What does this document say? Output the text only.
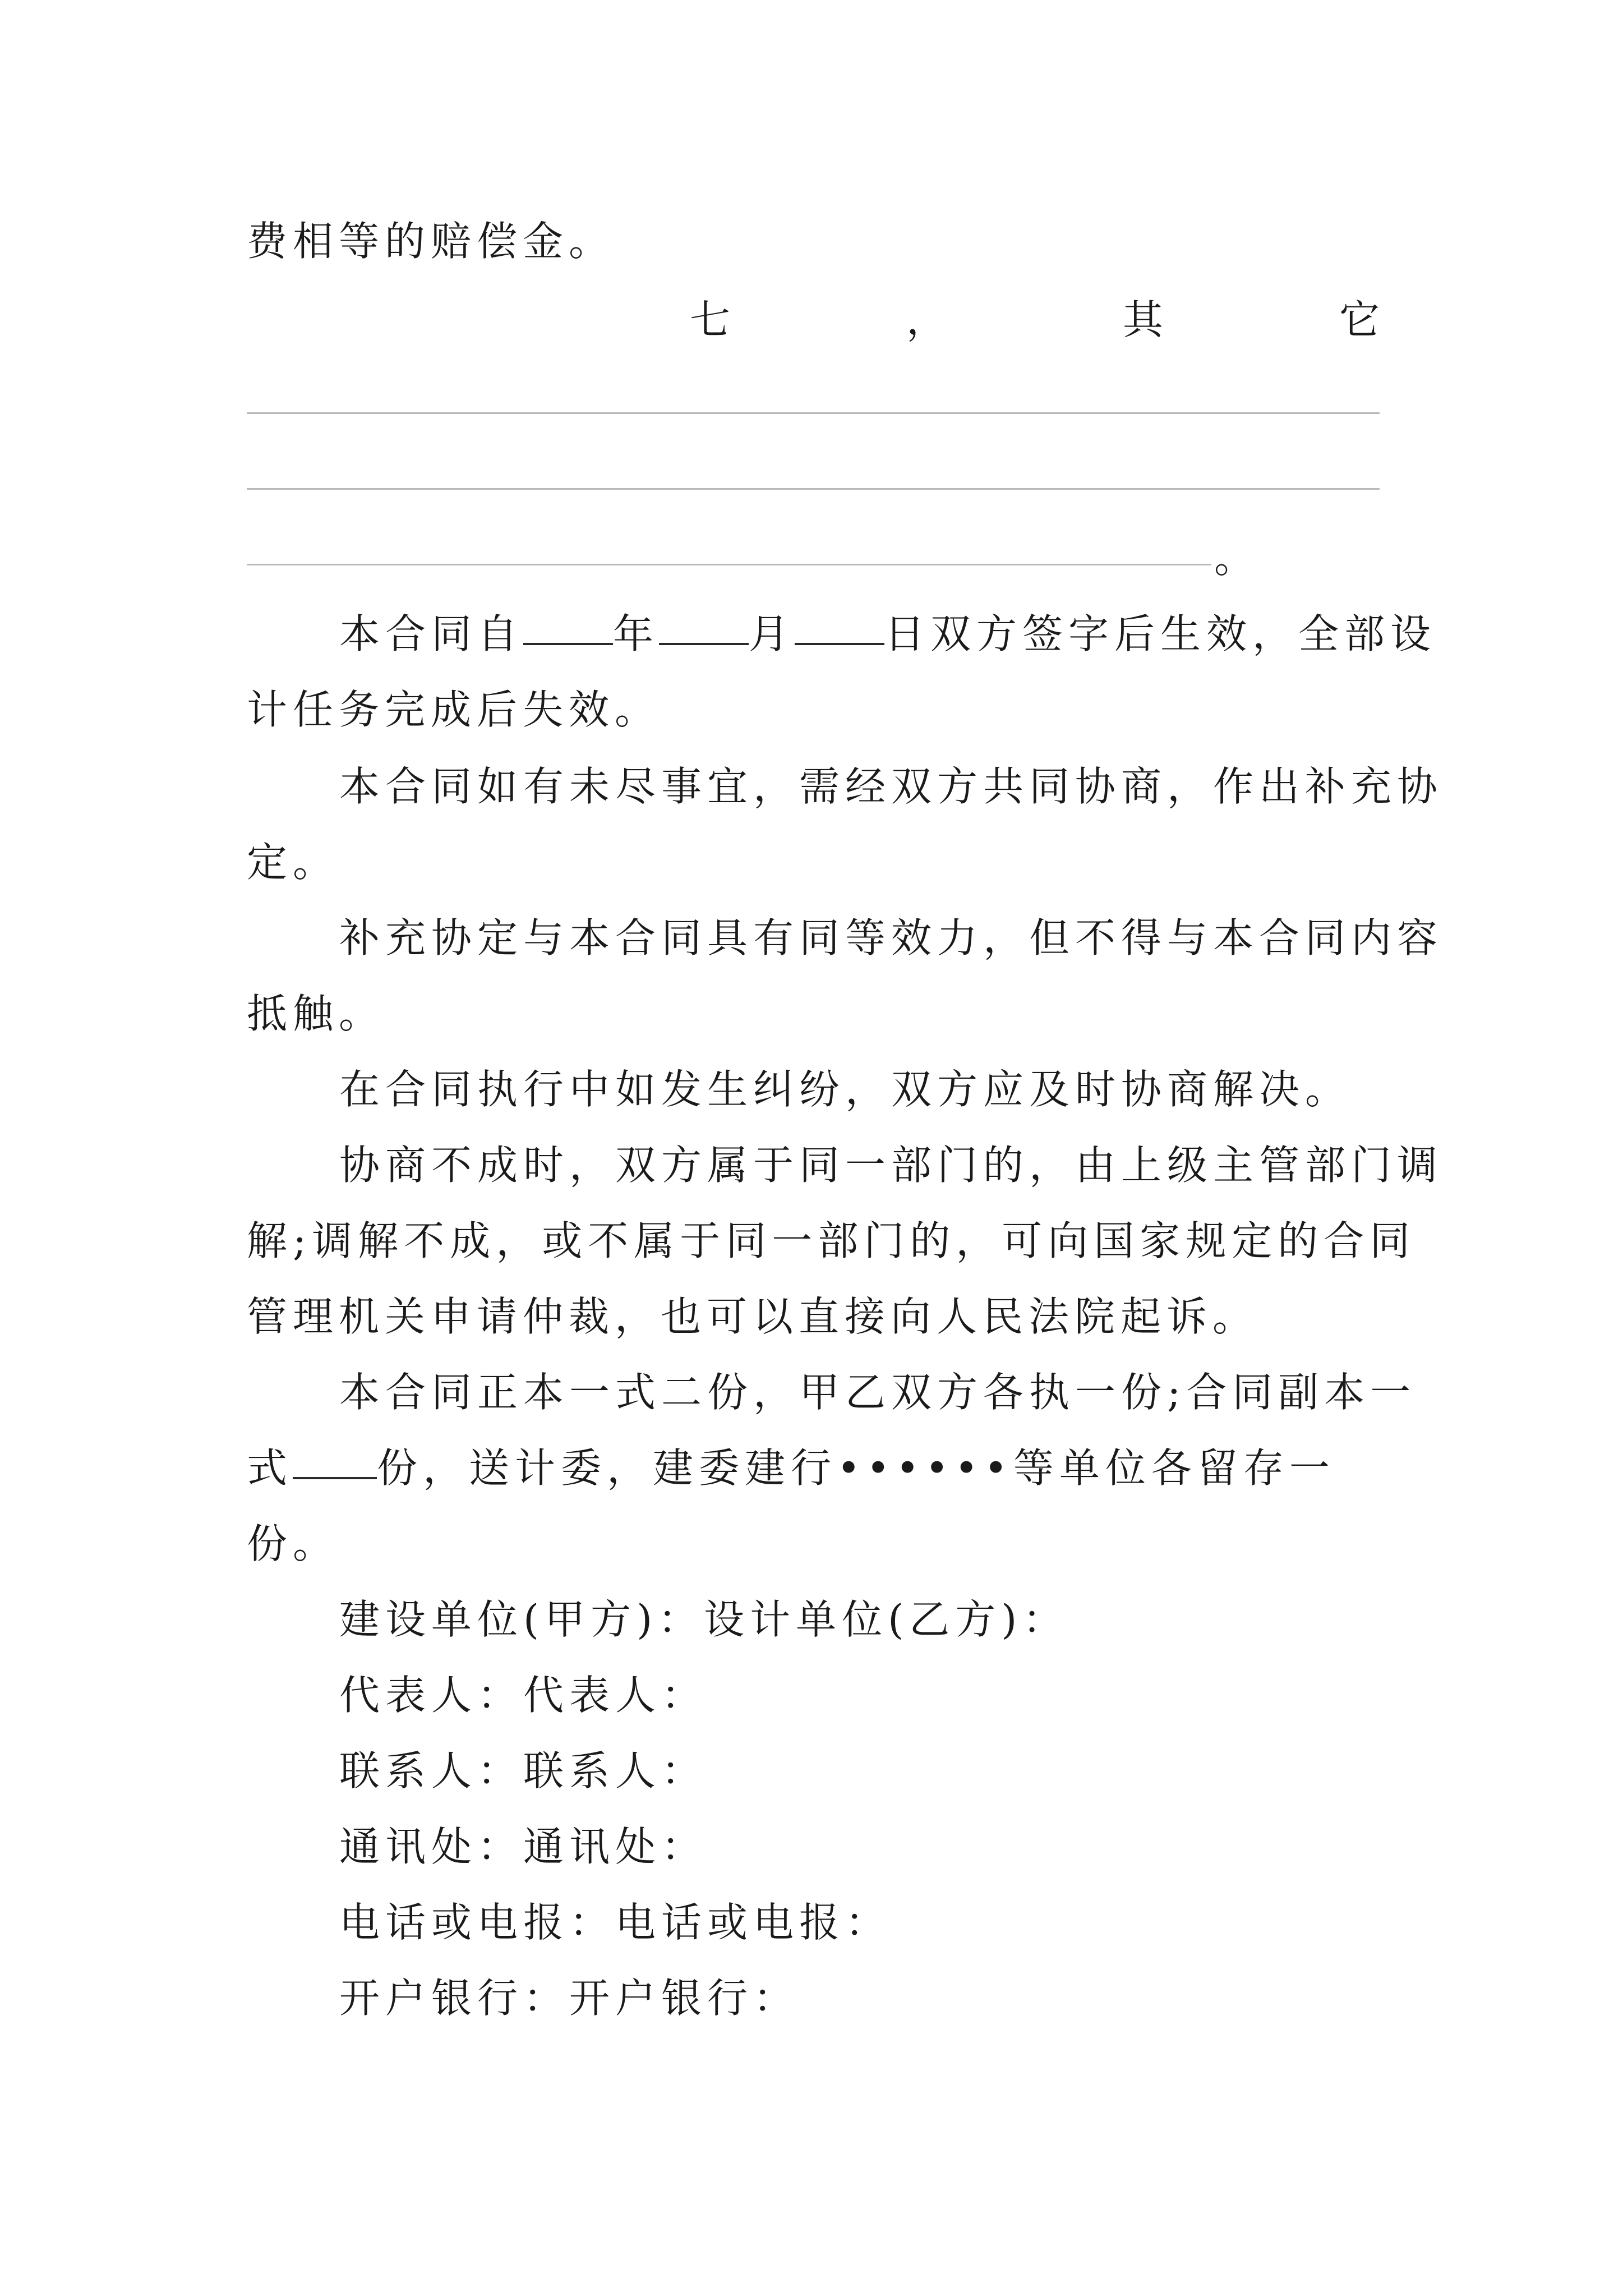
费相等的赔偿金。
七	，	其	它
。
本合同自 年 月 日双方签字后生效，全部设
计任务完成后失效。
本合同如有未尽事宜，需经双方共同协商，作出补充协
定。
补充协定与本合同具有同等效力，但不得与本合同内容
抵触。
在合同执行中如发生纠纷，双方应及时协商解决。
协商不成时，双方属于同一部门的，由上级主管部门调
解;调解不成，或不属于同一部门的，可向国家规定的合同
管理机关申请仲裁，也可以直接向人民法院起诉。
本合同正本一式二份，甲乙双方各执一份;合同副本一
式 份，送计委，建委建行••••••等单位各留存一
份。
建设单位(甲方)：设计单位(乙方)：
代表人：代表人：
联系人：联系人：
通讯处：通讯处：
电话或电报：电话或电报：
开户银行：开户银行：
